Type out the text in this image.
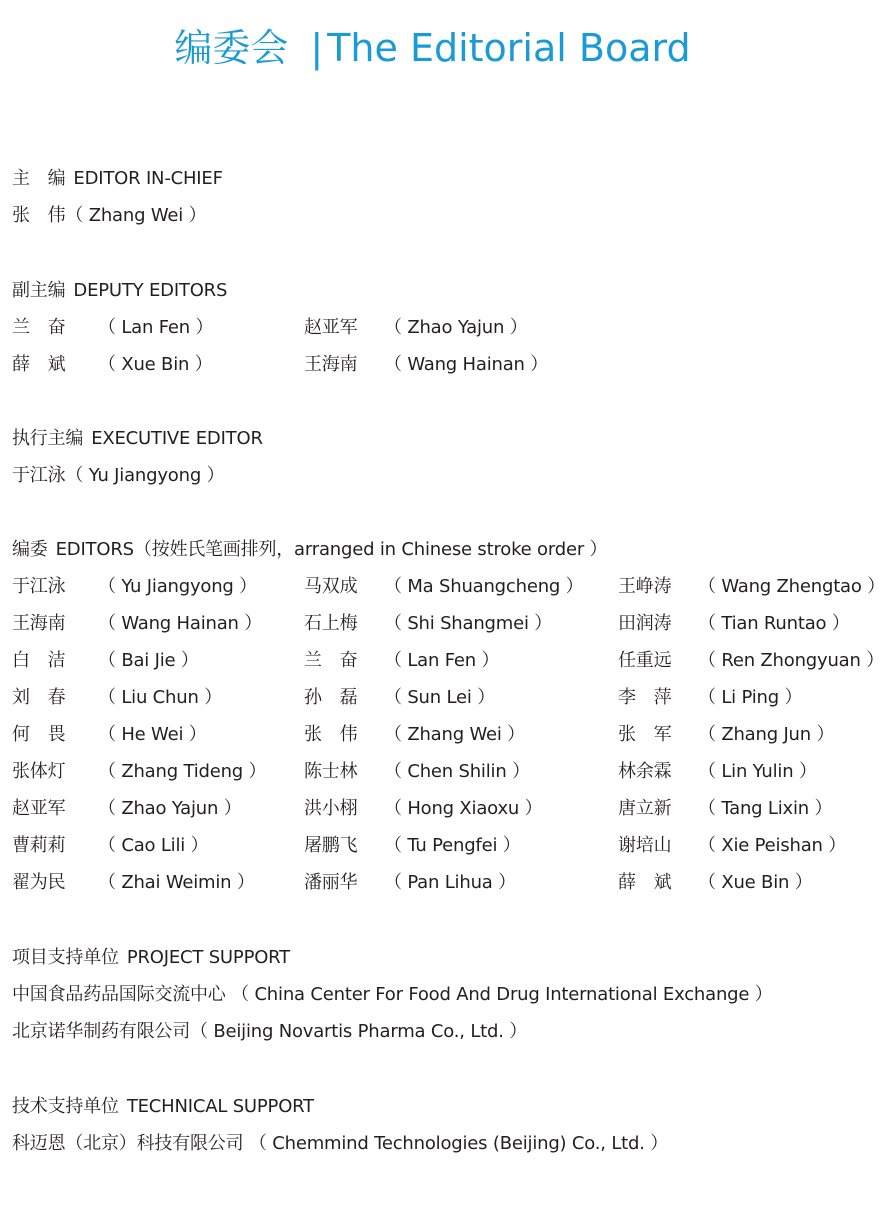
编委会 | The Editorial Board
主　编 EDITOR IN-CHIEF
张　伟（ Zhang Wei ）
副主编 DEPUTY EDITORS
兰　奋 （ Lan Fen ）	赵亚军 （ Zhao Yajun ）
薛　斌 （ Xue Bin ）	王海南 （ Wang Hainan ）
执行主编 EXECUTIVE EDITOR
于江泳（ Yu Jiangyong ）
编委 EDITORS（按姓氏笔画排列，arranged in Chinese stroke order ）
于江泳 （ Yu Jiangyong ）	马双成 （ Ma Shuangcheng ） 王峥涛 （ Wang Zhengtao ）
王海南 （ Wang Hainan ） 石上梅 （ Shi Shangmei ）	田润涛 （ Tian Runtao ）
白　洁 （ Bai Jie ）	兰　奋 （ Lan Fen ）	任重远 （ Ren Zhongyuan ）
刘　春 （ Liu Chun ）	孙　磊 （ Sun Lei ）	李　萍 （ Li Ping ）
何　畏 （ He Wei ）	张　伟 （ Zhang Wei ）	张　军 （ Zhang Jun ）
张体灯 （ Zhang Tideng ） 陈士林 （ Chen Shilin ）	林余霖 （ Lin Yulin ）
赵亚军 （ Zhao Yajun ）	洪小栩 （ Hong Xiaoxu ）	唐立新 （ Tang Lixin ）
曹莉莉 （ Cao Lili ）	屠鹏飞 （ Tu Pengfei ）	谢培山 （ Xie Peishan ）
翟为民 （ Zhai Weimin ）	潘丽华 （ Pan Lihua ）	薛　斌 （ Xue Bin ）
项目支持单位 PROJECT SUPPORT
中国食品药品国际交流中心 （ China Center For Food And Drug International Exchange ）
北京诺华制药有限公司（ Beijing Novartis Pharma Co., Ltd. ）
技术支持单位 TECHNICAL SUPPORT
科迈恩（北京）科技有限公司 （ Chemmind Technologies (Beijing) Co., Ltd. ）
